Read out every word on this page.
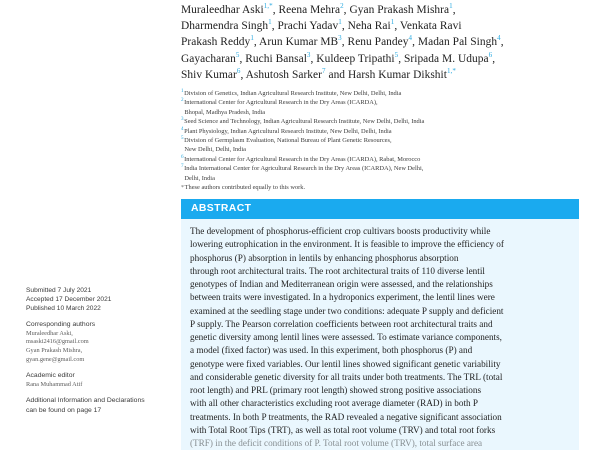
Submitted 7 July 2021
Accepted 17 December 2021
Published 10 March 2022
Corresponding authors
Muraleedhar Aski,
msaski2416@gmail.com
Gyan Prakash Mishra,
gyan.gene@gmail.com
Academic editor
Rana Muhammad Atif
Additional Information and Declarations can be found on page 17
Muraleedhar Aski$^{1,*}$, Reena Mehra$^2$, Gyan Prakash Mishra$^1$,
Dharmendra Singh$^1$, Prachi Yadav$^1$, Neha Rai$^1$, Venkata Ravi
Prakash Reddy$^1$, Arun Kumar $MB^3$, Renu Pandey$^4$, Madan Pal Singh$^4$,
Gayacharan$^5$, Ruchi Bansal$^3$, Kuldeep Tripathi$^5$, Sripada M. Udupa$^6$,
Shiv Kumar$^6$, Ashutosh Sarker$^7$ and Harsh Kumar Dikshit$^{1,*}$
$^1$Division of Genetics, Indian Agricultural Research Institute, New Delhi, Delhi, India
$^2$International Center for Agricultural Research in the Dry Areas (ICARDA),
Bhopal, Madhya Pradesh, India
$^3$Seed Science and Technology, Indian Agricultural Research Institute, New Delhi, Delhi, India
$^4$Plant Physiology, Indian Agricultural Research Institute, New Delhi, Delhi, India
$^5$Division of Germplasm Evaluation, National Bureau of Plant Genetic Resources,
New Delhi, Delhi, India
$^6$International Center for Agricultural Research in the Dry Areas (ICARDA), Rabat, Morocco
$^7$India International Center for Agricultural Research in the Dry Areas (ICARDA), New Delhi,
Delhi, India
*These authors contributed equally to this work.
ABSTRACT
The development of phosphorus-efficient crop cultivars boosts productivity while
lowering eutrophication in the environment. It is feasible to improve the efficiency of
phosphorus (P) absorption in lentils by enhancing phosphorus absorption
through root architectural traits. The root architectural traits of 110 diverse lentil
genotypes of Indian and Mediterranean origin were assessed, and the relationships
between traits were investigated. In a hydroponics experiment, the lentil lines were
examined at the seedling stage under two conditions: adequate P supply and deficient
P supply. The Pearson correlation coefficients between root architectural traits and
genetic diversity among lentil lines were assessed. To estimate variance components,
a model (fixed factor) was used. In this experiment, both phosphorus (P) and
genotype were fixed variables. Our lentil lines showed significant genetic variability
and considerable genetic diversity for all traits under both treatments. The TRL (total
root length) and PRL (primary root length) showed strong positive associations
with all other characteristics excluding root average diameter (RAD) in both P
treatments. In both P treatments, the RAD revealed a negative significant association
with Total Root Tips (TRT), as well as total root volume (TRV) and total root forks
(TRF) in the deficit conditions of P. Total root volume (TRV), total surface area
